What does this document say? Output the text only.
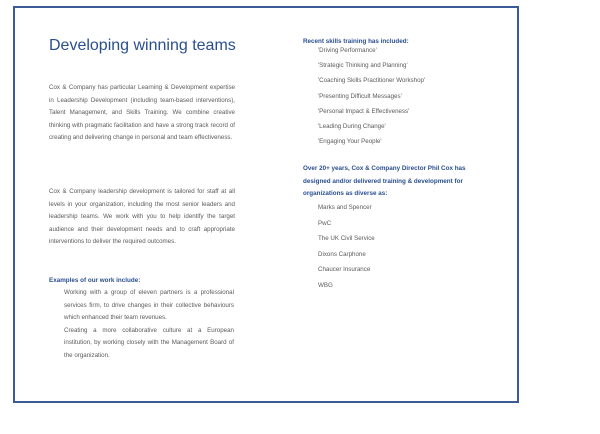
Developing winning teams

Cox & Company has particular Learning & Development expertise in Leadership Development (including team-based interventions), Talent Management, and Skills Training. We combine creative thinking with pragmatic facilitation and have a strong track record of creating and delivering change in personal and team effectiveness.

Cox & Company leadership development is tailored for staff at all levels in your organization, including the most senior leaders and leadership teams. We work with you to help identify the target audience and their development needs and to craft appropriate interventions to deliver the required outcomes.

Examples of our work include:

Working with a group of eleven partners is a professional services firm, to drive changes in their collective behaviours which enhanced their team revenues.

Creating a more collaborative culture at a European institution, by working closely with the Management Board of the organization.

Recent skills training has included:
'Driving Performance'
'Strategic Thinking and Planning'
'Coaching Skills Practitioner Workshop'
'Presenting Difficult Messages'
'Personal Impact & Effectiveness'
'Leading During Change'
'Engaging Your People'
Over 20+ years, Cox & Company Director Phil Cox has designed and/or delivered training & development for organizations as diverse as:
Marks and Spencer
PwC
The UK Civil Service
Dixons Carphone
Chaucer Insurance
WBG
